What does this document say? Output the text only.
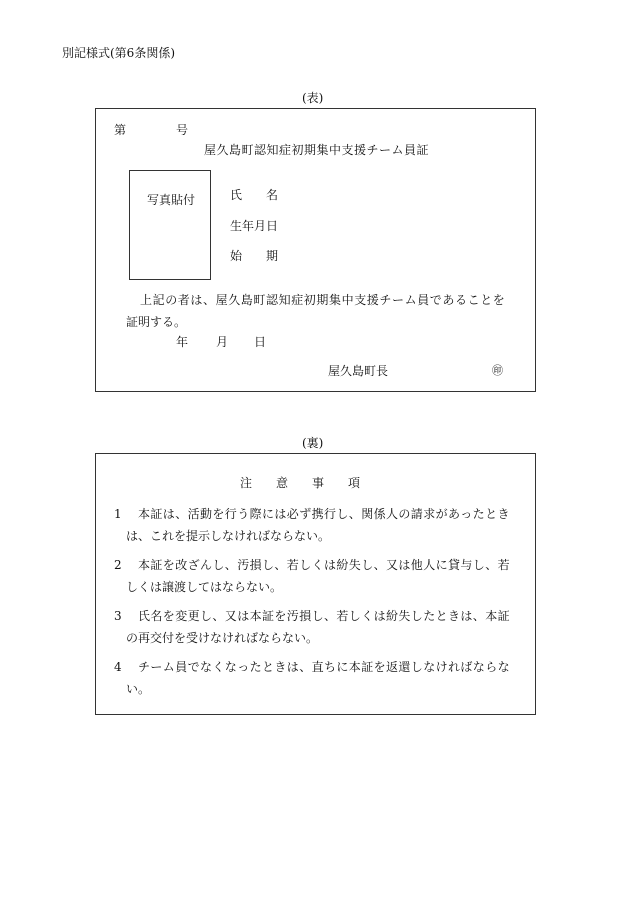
別記様式(第6条関係)
(表)
第	号
屋久島町認知症初期集中支援チーム員証
写真貼付	氏　　名
生年月日
始　　期
上記の者は、屋久島町認知症初期集中支援チーム員であることを
証明する。
年 月 日
屋久島町長	㊞
(裏)
注　　意　　事　　項
1 本証は、活動を行う際には必ず携行し、関係人の請求があったとき
は、これを提示しなければならない。
2 本証を改ざんし、汚損し、若しくは紛失し、又は他人に貸与し、若
しくは譲渡してはならない。
3 氏名を変更し、又は本証を汚損し、若しくは紛失したときは、本証
の再交付を受けなければならない。
4 チーム員でなくなったときは、直ちに本証を返還しなければならな
い。
